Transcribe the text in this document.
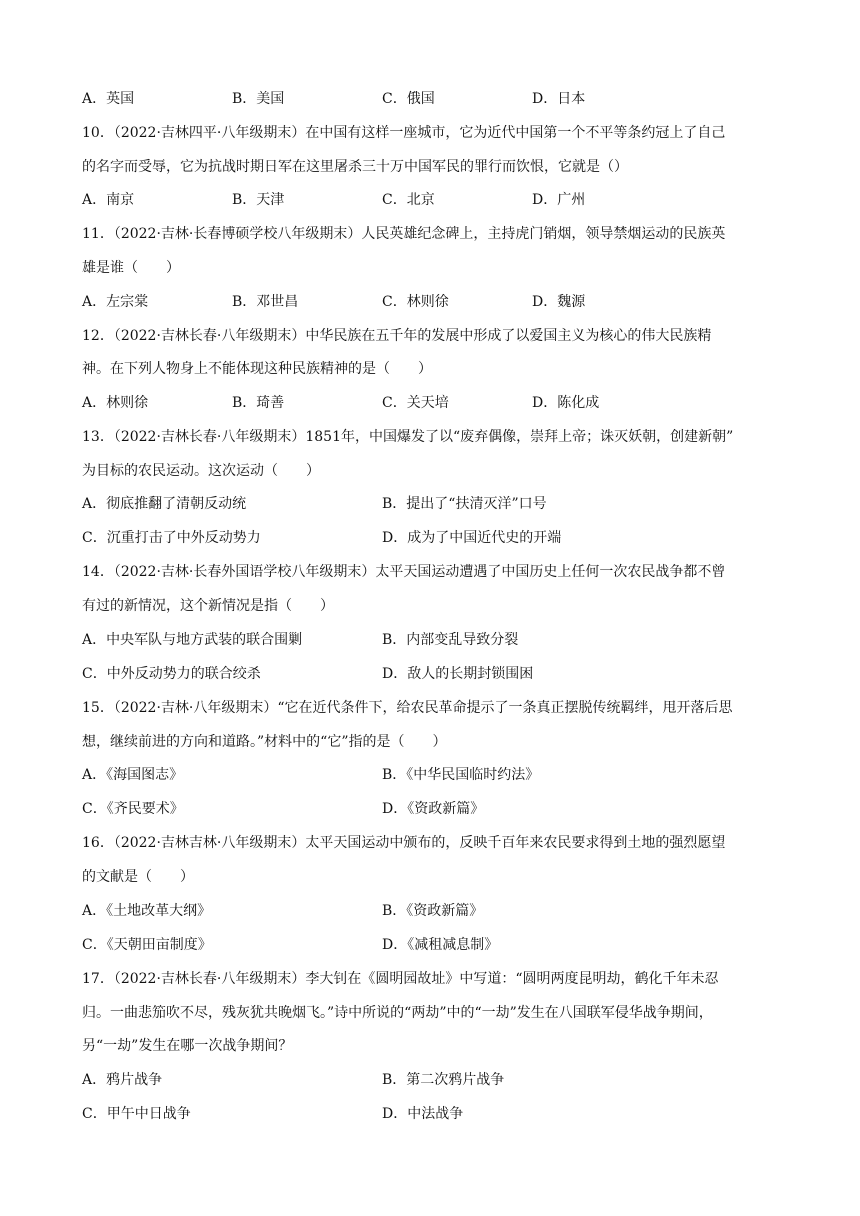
A．英国	B．美国	C．俄国	D．日本
10．（2022·吉林四平·八年级期末）在中国有这样一座城市，它为近代中国第一个不平等条约冠上了自己
的名字而受辱，它为抗战时期日军在这里屠杀三十万中国军民的罪行而饮恨，它就是（）
A．南京	B．天津	C．北京	D．广州
11．（2022·吉林·长春博硕学校八年级期末）人民英雄纪念碑上，主持虎门销烟，领导禁烟运动的民族英
雄是谁（　　）
A．左宗棠	B．邓世昌	C．林则徐	D．魏源
12．（2022·吉林长春·八年级期末）中华民族在五千年的发展中形成了以爱国主义为核心的伟大民族精
神。在下列人物身上不能体现这种民族精神的是（　　）
A．林则徐	B．琦善	C．关天培	D．陈化成
13．（2022·吉林长春·八年级期末）1851年，中国爆发了以“废弃偶像，崇拜上帝；诛灭妖朝，创建新朝”
为目标的农民运动。这次运动（　　）
A．彻底推翻了清朝反动统	B．提出了“扶清灭洋”口号
C．沉重打击了中外反动势力	D．成为了中国近代史的开端
14．（2022·吉林·长春外国语学校八年级期末）太平天国运动遭遇了中国历史上任何一次农民战争都不曾
有过的新情况，这个新情况是指（　　）
A．中央军队与地方武装的联合围剿	B．内部变乱导致分裂
C．中外反动势力的联合绞杀	D．敌人的长期封锁围困
15．（2022·吉林·八年级期末）“它在近代条件下，给农民革命提示了一条真正摆脱传统羁绊，甩开落后思
想，继续前进的方向和道路。”材料中的“它”指的是（　　）
A．《海国图志》	B．《中华民国临时约法》
C．《齐民要术》	D．《资政新篇》
16．（2022·吉林吉林·八年级期末）太平天国运动中颁布的，反映千百年来农民要求得到土地的强烈愿望
的文献是（　　）
A．《土地改革大纲》	B．《资政新篇》
C．《天朝田亩制度》	D．《减租减息制》
17．（2022·吉林长春·八年级期末）李大钊在《圆明园故址》中写道：“圆明两度昆明劫，鹤化千年未忍
归。一曲悲笳吹不尽，残灰犹共晚烟飞。”诗中所说的“两劫”中的“一劫”发生在八国联军侵华战争期间，
另“一劫”发生在哪一次战争期间？
A．鸦片战争	B．第二次鸦片战争
C．甲午中日战争	D．中法战争
